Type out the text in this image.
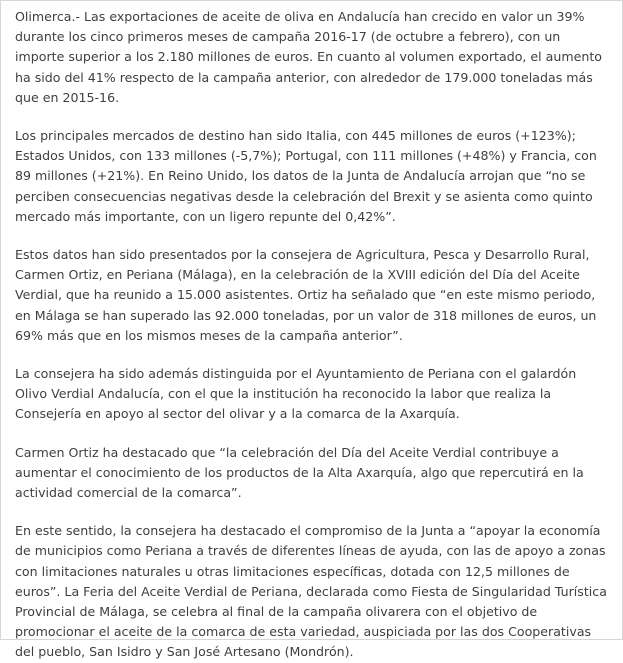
Olimerca.- Las exportaciones de aceite de oliva en Andalucía han crecido en valor un 39% durante los cinco primeros meses de campaña 2016-17 (de octubre a febrero), con un importe superior a los 2.180 millones de euros. En cuanto al volumen exportado, el aumento ha sido del 41% respecto de la campaña anterior, con alrededor de 179.000 toneladas más que en 2015-16.

Los principales mercados de destino han sido Italia, con 445 millones de euros (+123%); Estados Unidos, con 133 millones (-5,7%); Portugal, con 111 millones (+48%) y Francia, con 89 millones (+21%). En Reino Unido, los datos de la Junta de Andalucía arrojan que “no se perciben consecuencias negativas desde la celebración del Brexit y se asienta como quinto mercado más importante, con un ligero repunte del 0,42%”.

Estos datos han sido presentados por la consejera de Agricultura, Pesca y Desarrollo Rural, Carmen Ortiz, en Periana (Málaga), en la celebración de la XVIII edición del Día del Aceite Verdial, que ha reunido a 15.000 asistentes. Ortiz ha señalado que “en este mismo periodo, en Málaga se han superado las 92.000 toneladas, por un valor de 318 millones de euros, un 69% más que en los mismos meses de la campaña anterior”.

La consejera ha sido además distinguida por el Ayuntamiento de Periana con el galardón Olivo Verdial Andalucía, con el que la institución ha reconocido la labor que realiza la Consejería en apoyo al sector del olivar y a la comarca de la Axarquía.

Carmen Ortiz ha destacado que “la celebración del Día del Aceite Verdial contribuye a aumentar el conocimiento de los productos de la Alta Axarquía, algo que repercutirá en la actividad comercial de la comarca”.

En este sentido, la consejera ha destacado el compromiso de la Junta a “apoyar la economía de municipios como Periana a través de diferentes líneas de ayuda, con las de apoyo a zonas con limitaciones naturales u otras limitaciones específicas, dotada con 12,5 millones de euros”. La Feria del Aceite Verdial de Periana, declarada como Fiesta de Singularidad Turística Provincial de Málaga, se celebra al final de la campaña olivarera con el objetivo de promocionar el aceite de la comarca de esta variedad, auspiciada por las dos Cooperativas del pueblo, San Isidro y San José Artesano (Mondrón).
